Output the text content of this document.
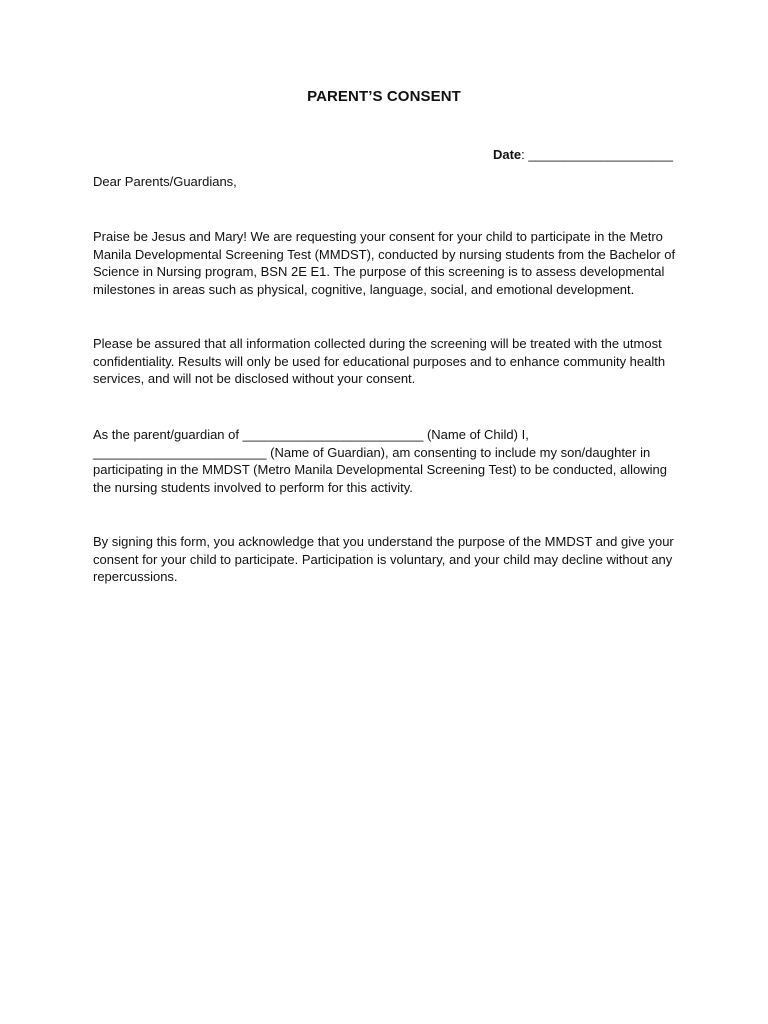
PARENT’S CONSENT
Date: ____________________

Dear Parents/Guardians,

Praise be Jesus and Mary! We are requesting your consent for your child to participate in the Metro Manila Developmental Screening Test (MMDST), conducted by nursing students from the Bachelor of Science in Nursing program, BSN 2E E1. The purpose of this screening is to assess developmental milestones in areas such as physical, cognitive, language, social, and emotional development.

Please be assured that all information collected during the screening will be treated with the utmost confidentiality. Results will only be used for educational purposes and to enhance community health services, and will not be disclosed without your consent.

As the parent/guardian of _________________________ (Name of Child) I, ________________________ (Name of Guardian), am consenting to include my son/daughter in participating in the MMDST (Metro Manila Developmental Screening Test) to be conducted, allowing the nursing students involved to perform for this activity.

By signing this form, you acknowledge that you understand the purpose of the MMDST and give your consent for your child to participate. Participation is voluntary, and your child may decline without any repercussions.
